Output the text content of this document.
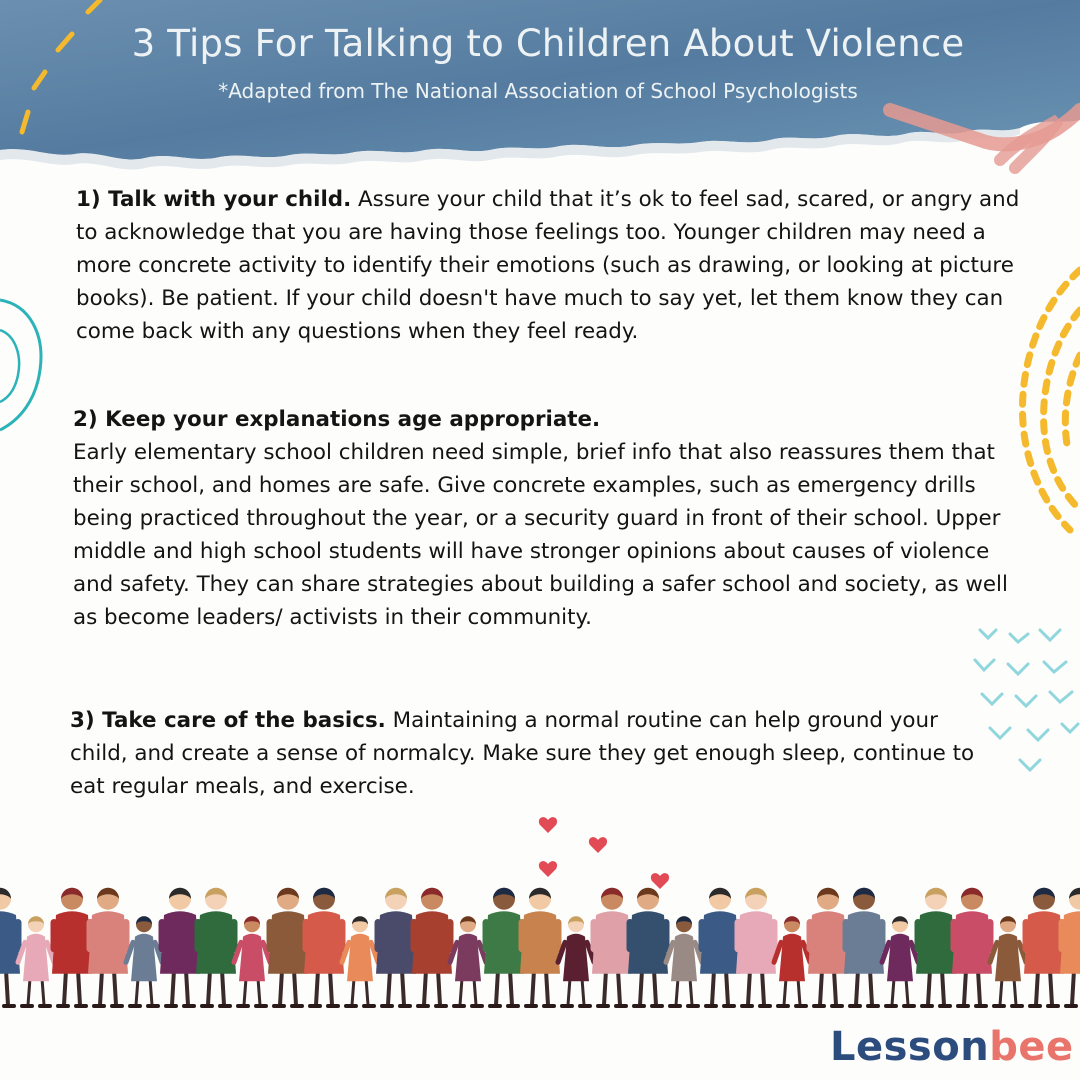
3 Tips For Talking to Children About Violence
*Adapted from The National Association of School Psychologists
1) Talk with your child. Assure your child that it’s ok to feel sad, scared, or angry and to acknowledge that you are having those feelings too. Younger children may need a more concrete activity to identify their emotions (such as drawing, or looking at picture books). Be patient. If your child doesn't have much to say yet, let them know they can come back with any questions when they feel ready.
2) Keep your explanations age appropriate.
Early elementary school children need simple, brief info that also reassures them that their school, and homes are safe. Give concrete examples, such as emergency drills being practiced throughout the year, or a security guard in front of their school. Upper middle and high school students will have stronger opinions about causes of violence and safety. They can share strategies about building a safer school and society, as well as become leaders/ activists in their community.
3) Take care of the basics. Maintaining a normal routine can help ground your child, and create a sense of normalcy. Make sure they get enough sleep, continue to eat regular meals, and exercise.
Lessonbee
